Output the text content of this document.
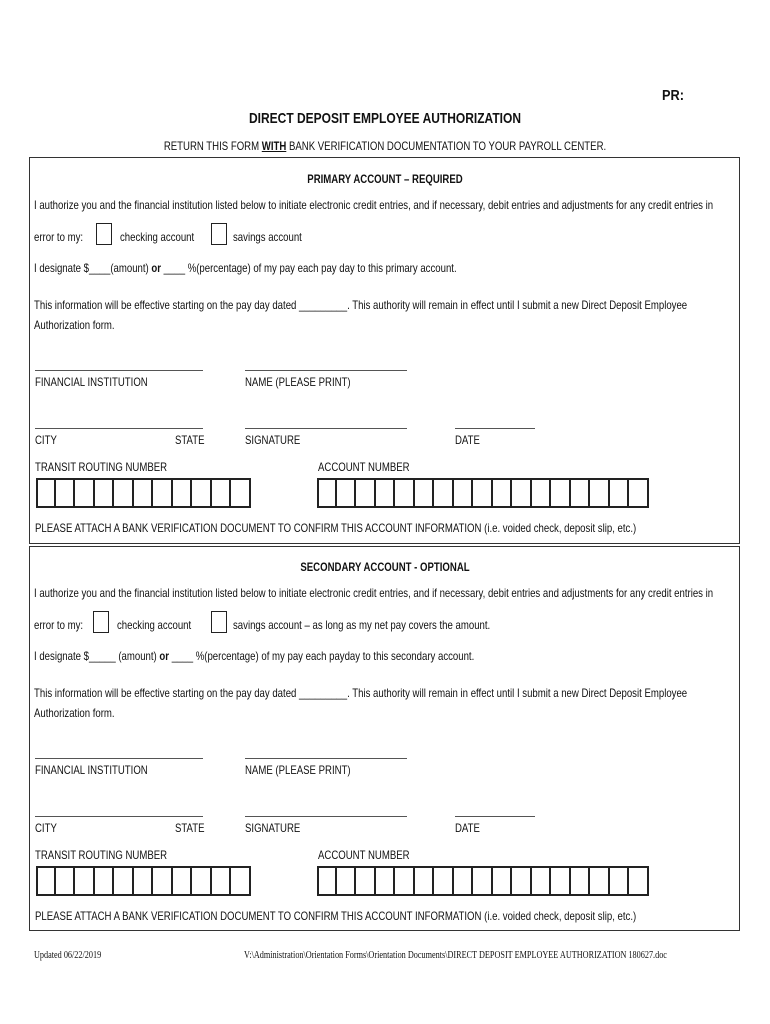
PR:
DIRECT DEPOSIT EMPLOYEE AUTHORIZATION
RETURN THIS FORM WITH BANK VERIFICATION DOCUMENTATION TO YOUR PAYROLL CENTER.
PRIMARY ACCOUNT – REQUIRED
I authorize you and the financial institution listed below to initiate electronic credit entries, and if necessary, debit entries and adjustments for any credit entries in
error to my:	checking account	savings account
I designate $____(amount) or ____ %(percentage) of my pay each pay day to this primary account.
This information will be effective starting on the pay day dated _________. This authority will remain in effect until I submit a new Direct Deposit Employee
Authorization form.
FINANCIAL INSTITUTION	NAME (PLEASE PRINT)
CITY	STATE	SIGNATURE	DATE
TRANSIT ROUTING NUMBER	ACCOUNT NUMBER
PLEASE ATTACH A BANK VERIFICATION DOCUMENT TO CONFIRM THIS ACCOUNT INFORMATION (i.e. voided check, deposit slip, etc.)
SECONDARY ACCOUNT - OPTIONAL
I authorize you and the financial institution listed below to initiate electronic credit entries, and if necessary, debit entries and adjustments for any credit entries in
error to my:	checking account	savings account – as long as my net pay covers the amount.
I designate $_____ (amount) or ____ %(percentage) of my pay each payday to this secondary account.
This information will be effective starting on the pay day dated _________. This authority will remain in effect until I submit a new Direct Deposit Employee
Authorization form.
FINANCIAL INSTITUTION	NAME (PLEASE PRINT)
CITY	STATE	SIGNATURE	DATE
TRANSIT ROUTING NUMBER	ACCOUNT NUMBER
PLEASE ATTACH A BANK VERIFICATION DOCUMENT TO CONFIRM THIS ACCOUNT INFORMATION (i.e. voided check, deposit slip, etc.)
Updated 06/22/2019	V:\Administration\Orientation Forms\Orientation Documents\DIRECT DEPOSIT EMPLOYEE AUTHORIZATION 180627.doc
